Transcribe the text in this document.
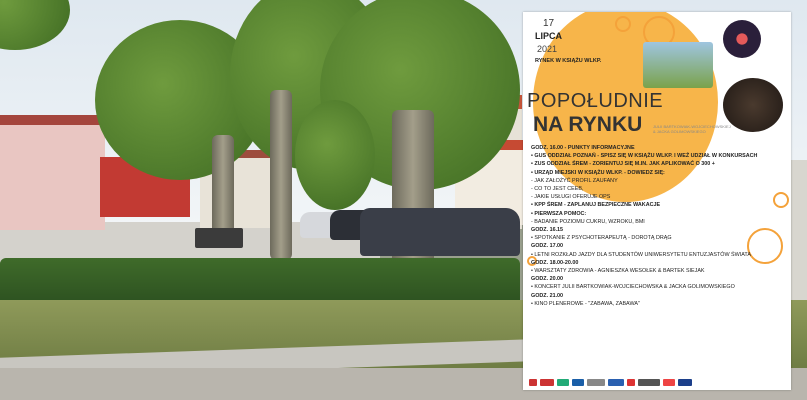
17
LIPCA
2021
RYNEK W KSIĄŻU WLKP.
POPOŁUDNIE
NA RYNKU	JULII BARTKOWIAK-WOJCIECHOWSKIEJ & JACKA GOLIMOWSKIEGO
GODZ. 16.00 - PUNKTY INFORMACYJNE
• GUS ODDZIAŁ POZNAŃ - SPISZ SIĘ W KSIĄŻU WLKP. I WEŹ UDZIAŁ W KONKURSACH
• ZUS ODDZIAŁ ŚREM - ZORIENTUJ SIĘ M.IN. JAK APLIKOWAĆ O 300 +
• URZĄD MIEJSKI W KSIĄŻU WLKP. - DOWIEDZ SIĘ:
- JAK ZAŁOŻYĆ PROFIL ZAUFANY
- CO TO JEST CEEB,
- JAKIE USŁUGI OFERUJE OPS
• KPP ŚREM - ZAPLANUJ BEZPIECZNE WAKACJE
• PIERWSZA POMOC:
- BADANIE POZIOMU CUKRU, WZROKU, BMI
GODZ. 16.15
• SPOTKANIE Z PSYCHOTERAPEUTĄ - DOROTĄ DRĄG
GODZ. 17.00
• LETNI ROZKŁAD JAZDY DLA STUDENTÓW UNIWERSYTETU ENTUZJASTÓW ŚWIATA
GODZ. 18.00-20.00
• WARSZTATY ZDROWIA - AGNIESZKA WESOŁEK & BARTEK SIEJAK
GODZ. 20.00
• KONCERT JULII BARTKOWIAK-WOJCIECHOWSKA & JACKA GOLIMOWSKIEGO
GODZ. 21.00
• KINO PLENEROWE - "ZABAWA, ZABAWA"
